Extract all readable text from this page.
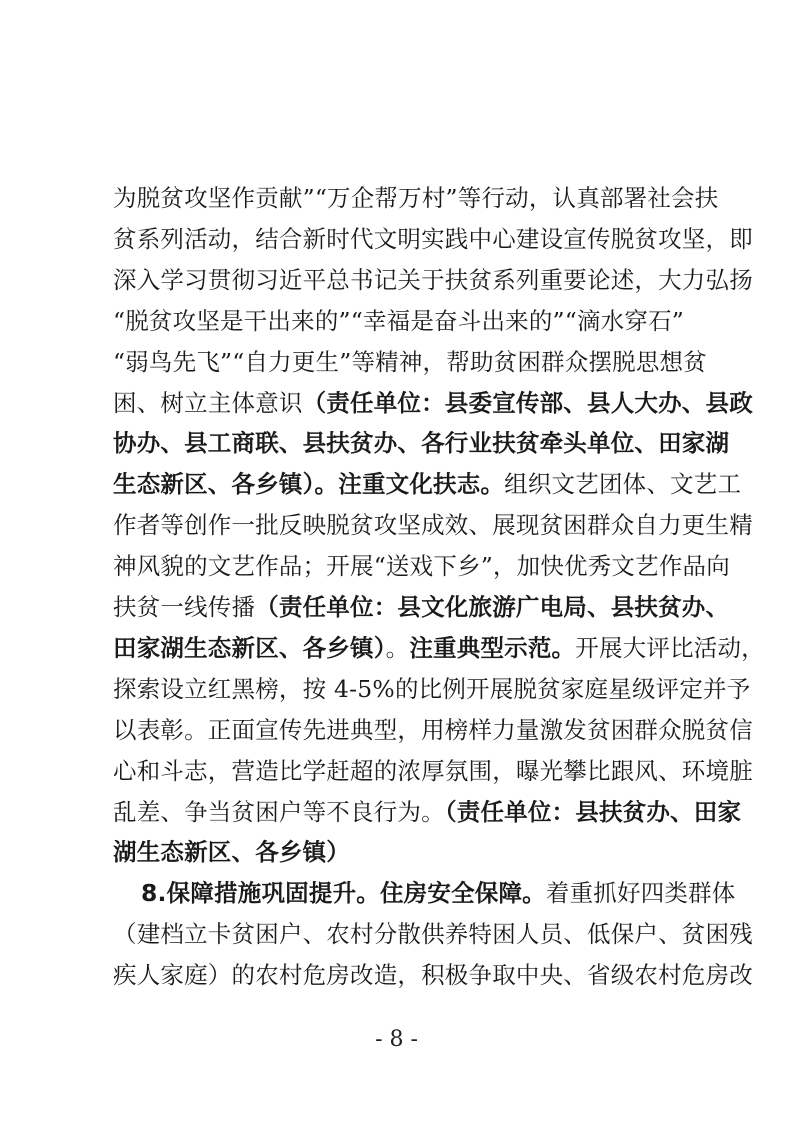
为脱贫攻坚作贡献”“万企帮万村”等行动，认真部署社会扶
贫系列活动，结合新时代文明实践中心建设宣传脱贫攻坚，即
深入学习贯彻习近平总书记关于扶贫系列重要论述，大力弘扬
“脱贫攻坚是干出来的”“幸福是奋斗出来的”“滴水穿石”
“弱鸟先飞”“自力更生”等精神，帮助贫困群众摆脱思想贫
困、树立主体意识（责任单位：县委宣传部、县人大办、县政
协办、县工商联、县扶贫办、各行业扶贫牵头单位、田家湖
生态新区、各乡镇）。注重文化扶志。组织文艺团体、文艺工
作者等创作一批反映脱贫攻坚成效、展现贫困群众自力更生精
神风貌的文艺作品；开展“送戏下乡”，加快优秀文艺作品向
扶贫一线传播（责任单位：县文化旅游广电局、县扶贫办、
田家湖生态新区、各乡镇）。注重典型示范。开展大评比活动，
探索设立红黑榜，按 4-5%的比例开展脱贫家庭星级评定并予
以表彰。正面宣传先进典型，用榜样力量激发贫困群众脱贫信
心和斗志，营造比学赶超的浓厚氛围，曝光攀比跟风、环境脏
乱差、争当贫困户等不良行为。（责任单位：县扶贫办、田家
湖生态新区、各乡镇）
8.保障措施巩固提升。住房安全保障。着重抓好四类群体
（建档立卡贫困户、农村分散供养特困人员、低保户、贫困残
疾人家庭）的农村危房改造，积极争取中央、省级农村危房改
- 8 -
